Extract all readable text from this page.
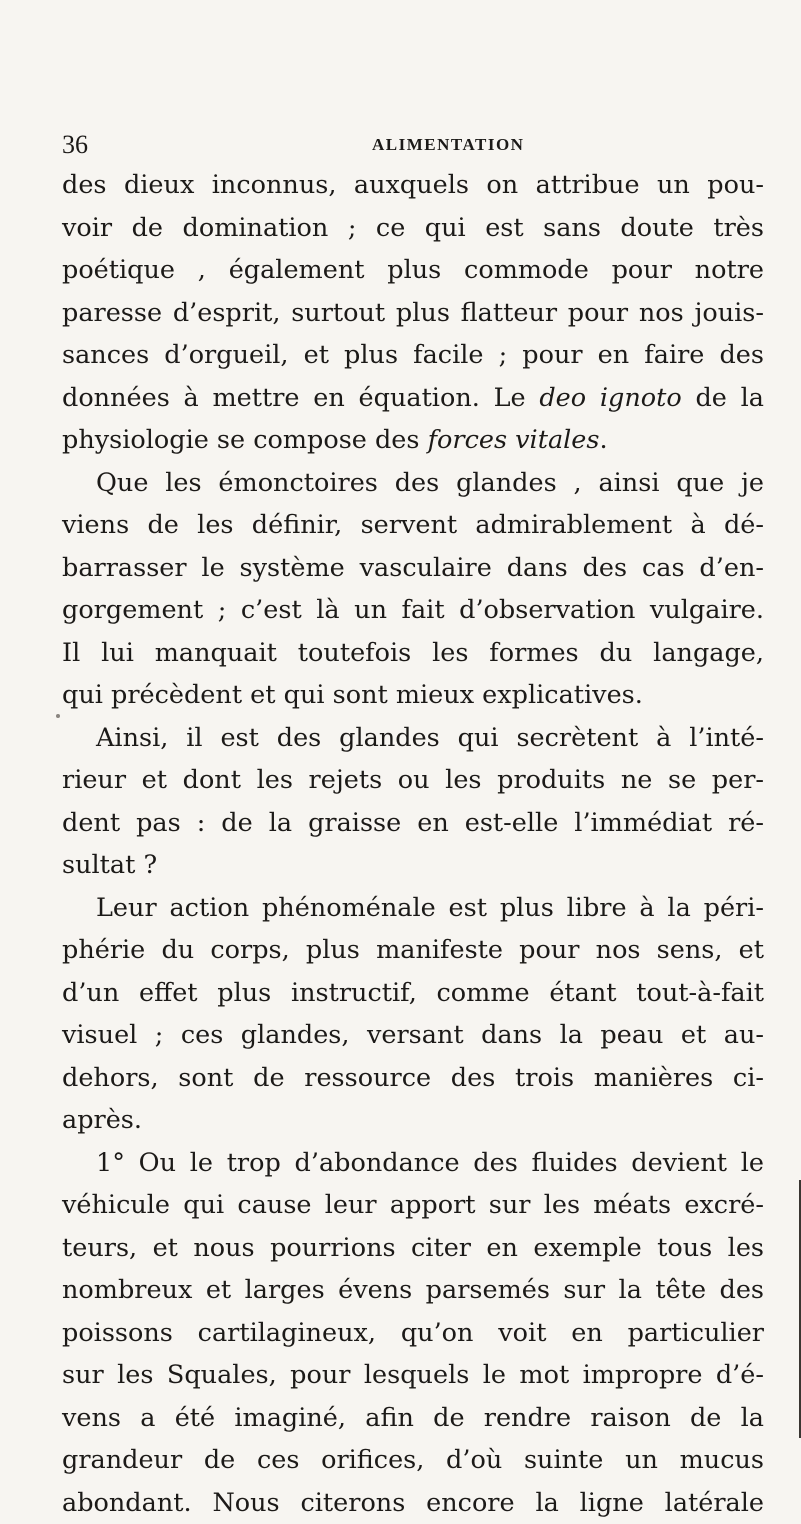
36	ALIMENTATION
des dieux inconnus, auxquels on attribue un pou-
voir de domination ; ce qui est sans doute très
poétique , également plus commode pour notre
paresse d’esprit, surtout plus flatteur pour nos jouis-
sances d’orgueil, et plus facile ; pour en faire des
données à mettre en équation. Le deo ignoto de la
physiologie se compose des forces vitales.
Que les émonctoires des glandes , ainsi que je
viens de les définir, servent admirablement à dé-
barrasser le système vasculaire dans des cas d’en-
gorgement ; c’est là un fait d’observation vulgaire.
Il lui manquait toutefois les formes du langage,
qui précèdent et qui sont mieux explicatives.
Ainsi, il est des glandes qui secrètent à l’inté-
rieur et dont les rejets ou les produits ne se per-
dent pas : de la graisse en est-elle l’immédiat ré-
sultat ?
Leur action phénoménale est plus libre à la péri-
phérie du corps, plus manifeste pour nos sens, et
d’un effet plus instructif, comme étant tout-à-fait
visuel ; ces glandes, versant dans la peau et au-
dehors, sont de ressource des trois manières ci-
après.
1° Ou le trop d’abondance des fluides devient le
véhicule qui cause leur apport sur les méats excré-
teurs, et nous pourrions citer en exemple tous les
nombreux et larges évens parsemés sur la tête des
poissons cartilagineux, qu’on voit en particulier
sur les Squales, pour lesquels le mot impropre d’é-
vens a été imaginé, afin de rendre raison de la
grandeur de ces orifices, d’où suinte un mucus
abondant. Nous citerons encore la ligne latérale
